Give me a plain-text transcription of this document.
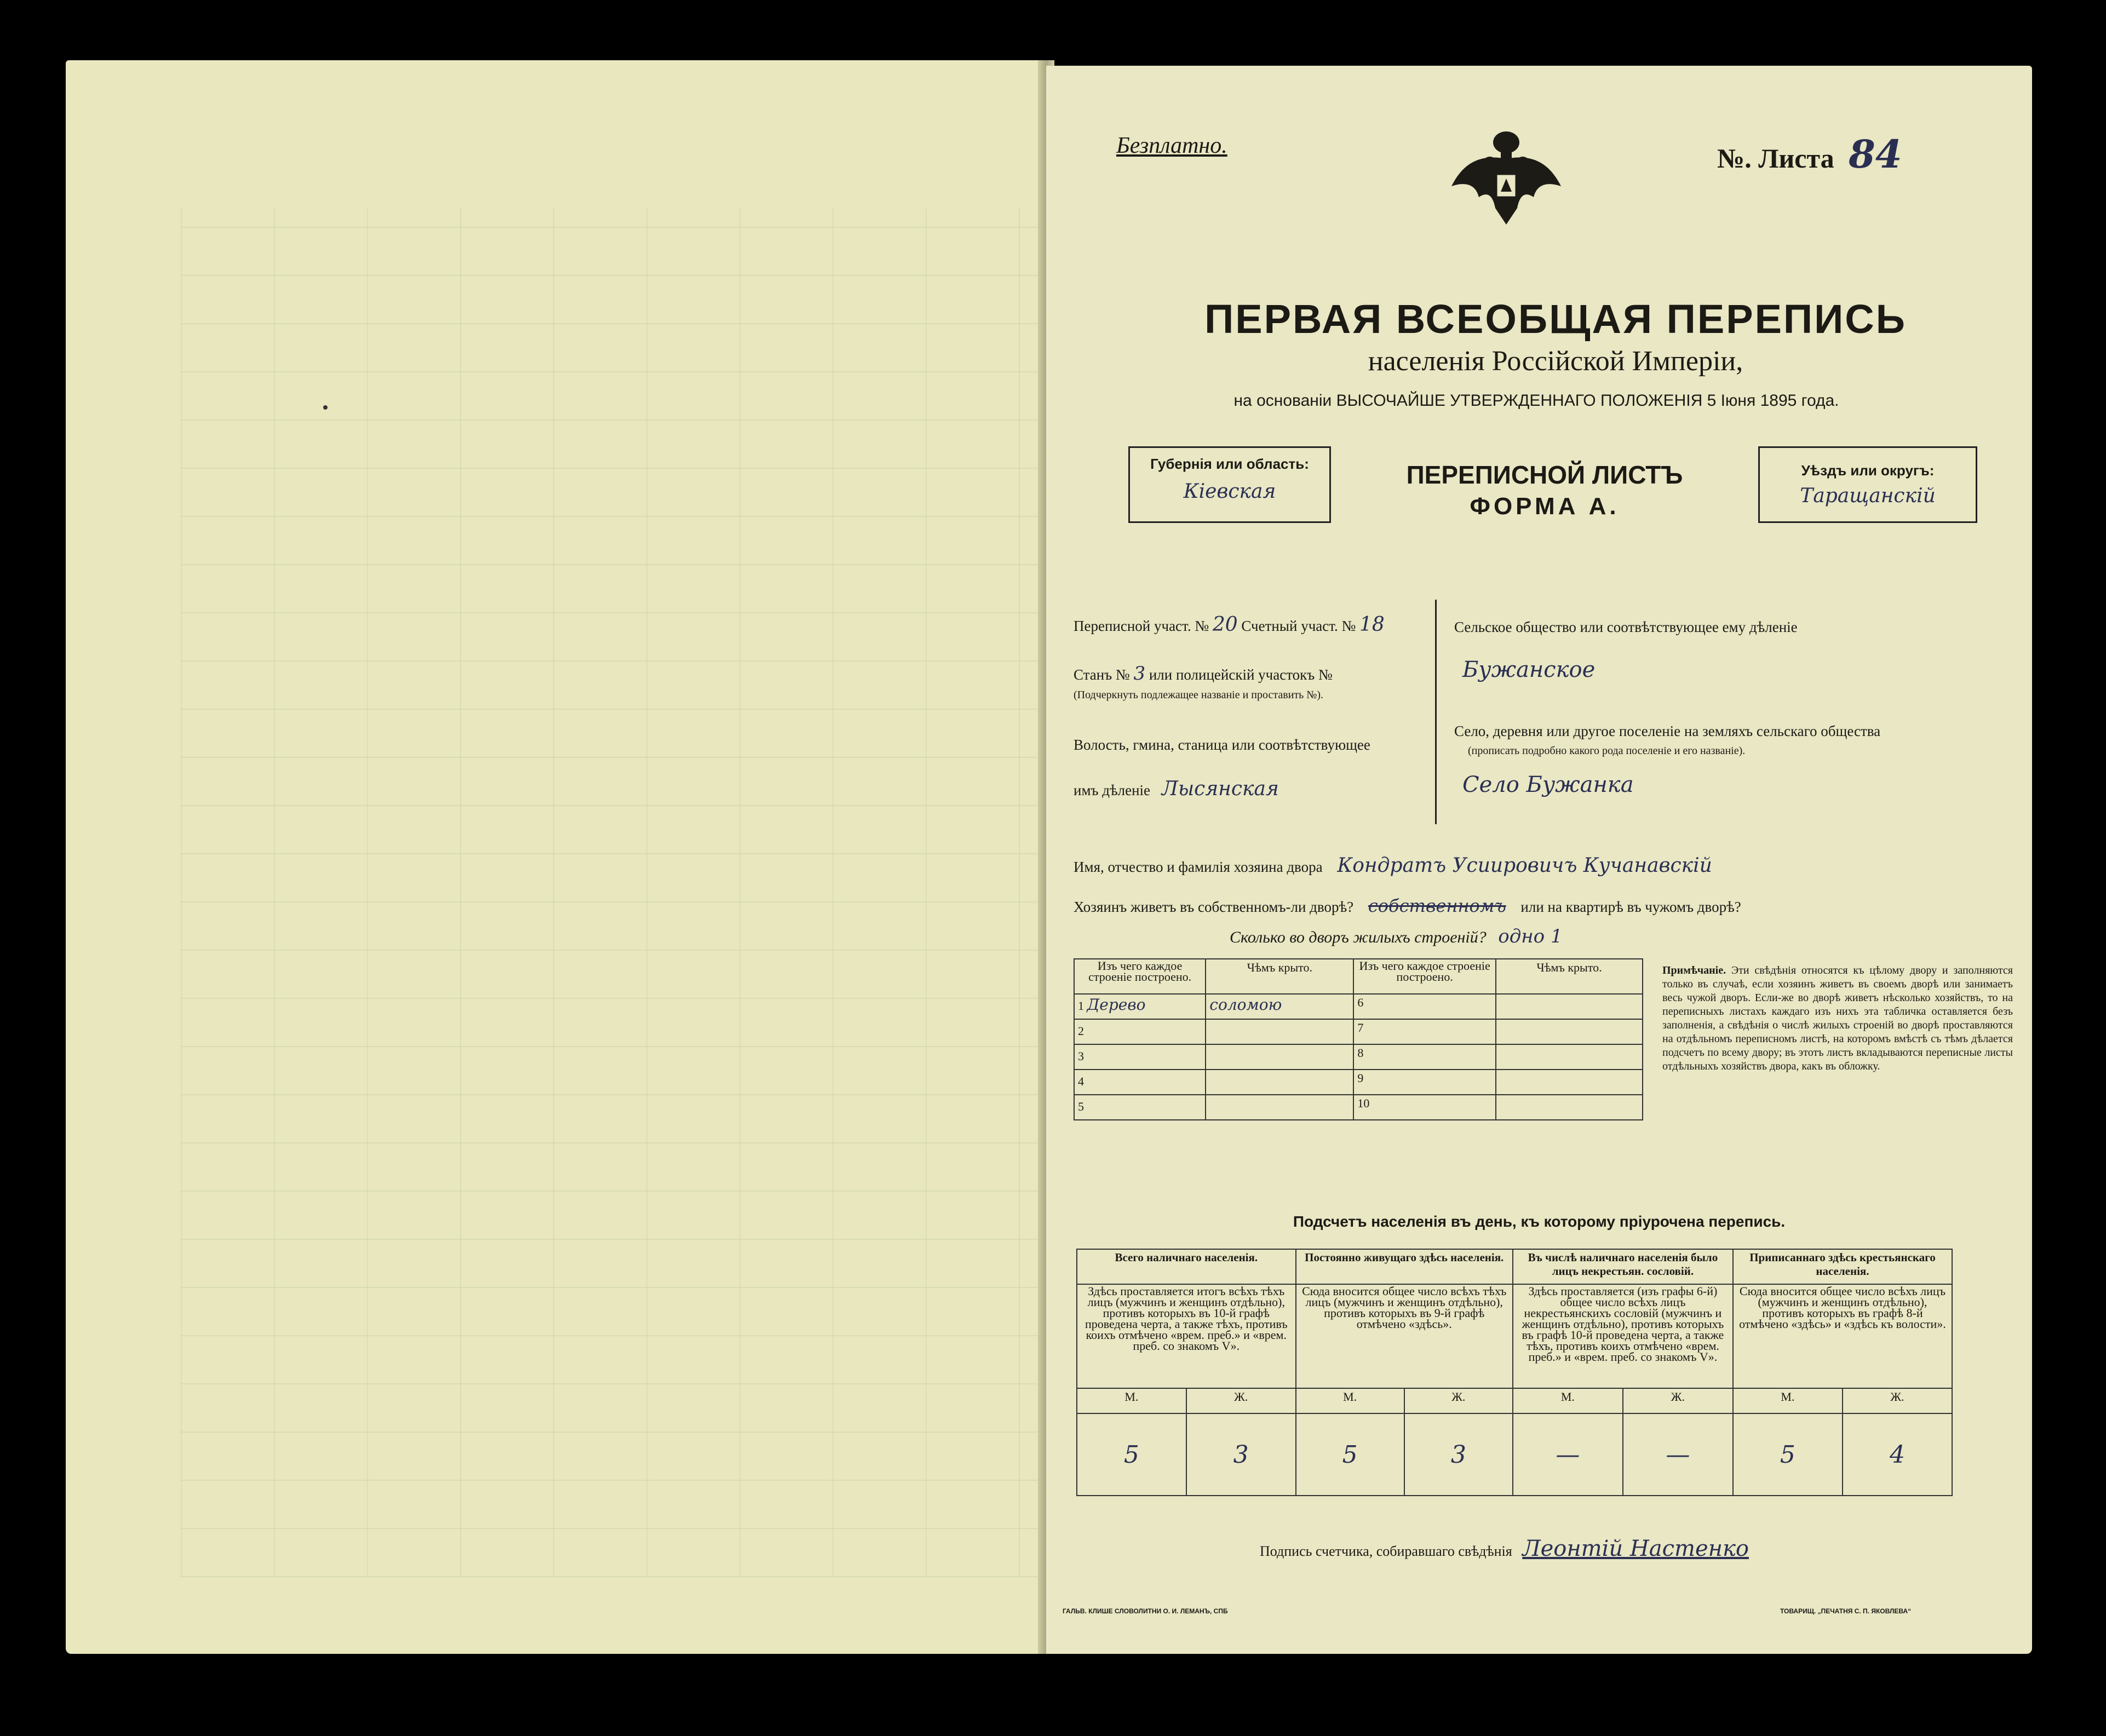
Безплатно.	№. Листа 84
ПЕРВАЯ ВСЕОБЩАЯ ПЕРЕПИСЬ
населенія Россійской Имперіи,
на основаніи ВЫСОЧАЙШЕ УТВЕРЖДЕННАГО ПОЛОЖЕНІЯ 5 Іюня 1895 года.
Губернія или область:
Кіевская
ПЕРЕПИСНОЙ ЛИСТЪ
ФОРМА А.
Уѣздъ или округъ:
Таращанскій
Переписной участ. № 20 Счетный участ. № 18
Станъ № 3 или полицейскій участокъ №
(Подчеркнуть подлежащее названіе и проставить №).
Волость, гмина, станица или соотвѣтствующее
имъ дѣленіе Лысянская
Сельское общество или соотвѣтствующее ему дѣленіе
Бужанское
Село, деревня или другое поселеніе на земляхъ сельскаго общества
(прописать подробно какого рода поселеніе и его названіе).
Село Бужанка
Имя, отчество и фамилія хозяина двора Кондратъ Усиировичъ Кучанавскій
Хозяинъ живетъ въ собственномъ-ли дворѣ? собственномъ или на квартирѣ въ чужомъ дворѣ?
Сколько во дворъ жилыхъ строеній? одно 1
Изъ чего каждое строеніе построено.	Чѣмъ крыто.	Изъ чего каждое строеніе построено.	Чѣмъ крыто.
1 Дерево	соломою	6	
2		7	
3		8	
4		9	
5		10	
Примѣчаніе. Эти свѣдѣнія относятся къ цѣлому двору и заполняются только въ случаѣ, если хозяинъ живетъ въ своемъ дворѣ или занимаетъ весь чужой дворъ. Если-же во дворѣ живетъ нѣсколько хозяйствъ, то на переписныхъ листахъ каждаго изъ нихъ эта табличка оставляется безъ заполненія, а свѣдѣнія о числѣ жилыхъ строеній во дворѣ проставляются на отдѣльномъ переписномъ листѣ, на которомъ вмѣстѣ съ тѣмъ дѣлается подсчетъ по всему двору; въ этотъ листъ вкладываются переписные листы отдѣльныхъ хозяйствъ двора, какъ въ обложку.
Подсчетъ населенія въ день, къ которому пріурочена перепись.
Всего наличнаго населенія.		Постоянно живущаго здѣсь населенія.		Въ числѣ наличнаго населенія было лицъ некрестьян. сословій.		Приписаннаго здѣсь крестьянскаго населенія.	
Здѣсь проставляется итогъ всѣхъ тѣхъ лицъ (мужчинъ и женщинъ отдѣльно), противъ которыхъ въ 10-й графѣ проведена черта, а также тѣхъ, противъ коихъ отмѣчено «врем. преб.» и «врем. преб. со знакомъ V».		Сюда вносится общее число всѣхъ тѣхъ лицъ (мужчинъ и женщинъ отдѣльно), противъ которыхъ въ 9-й графѣ отмѣчено «здѣсь».		Здѣсь проставляется (изъ графы 6-й) общее число всѣхъ лицъ некрестьянскихъ сословій (мужчинъ и женщинъ отдѣльно), противъ которыхъ въ графѣ 10-й проведена черта, а также тѣхъ, противъ коихъ отмѣчено «врем. преб.» и «врем. преб. со знакомъ V».		Сюда вносится общее число всѣхъ лицъ (мужчинъ и женщинъ отдѣльно), противъ которыхъ въ графѣ 8-й отмѣчено «здѣсь» и «здѣсь къ волости».	
М.	Ж.	М.	Ж.	М.	Ж.	М.	Ж.
5	3	5	3	—	—	5	4
Подпись счетчика, собиравшаго свѣдѣнія Леонтій Настенко
ГАЛЬВ. КЛИШЕ СЛОВОЛИТНИ О. И. ЛЕМАНЪ, СПБ	ТОВАРИЩ. „ПЕЧАТНЯ С. П. ЯКОВЛЕВА“
